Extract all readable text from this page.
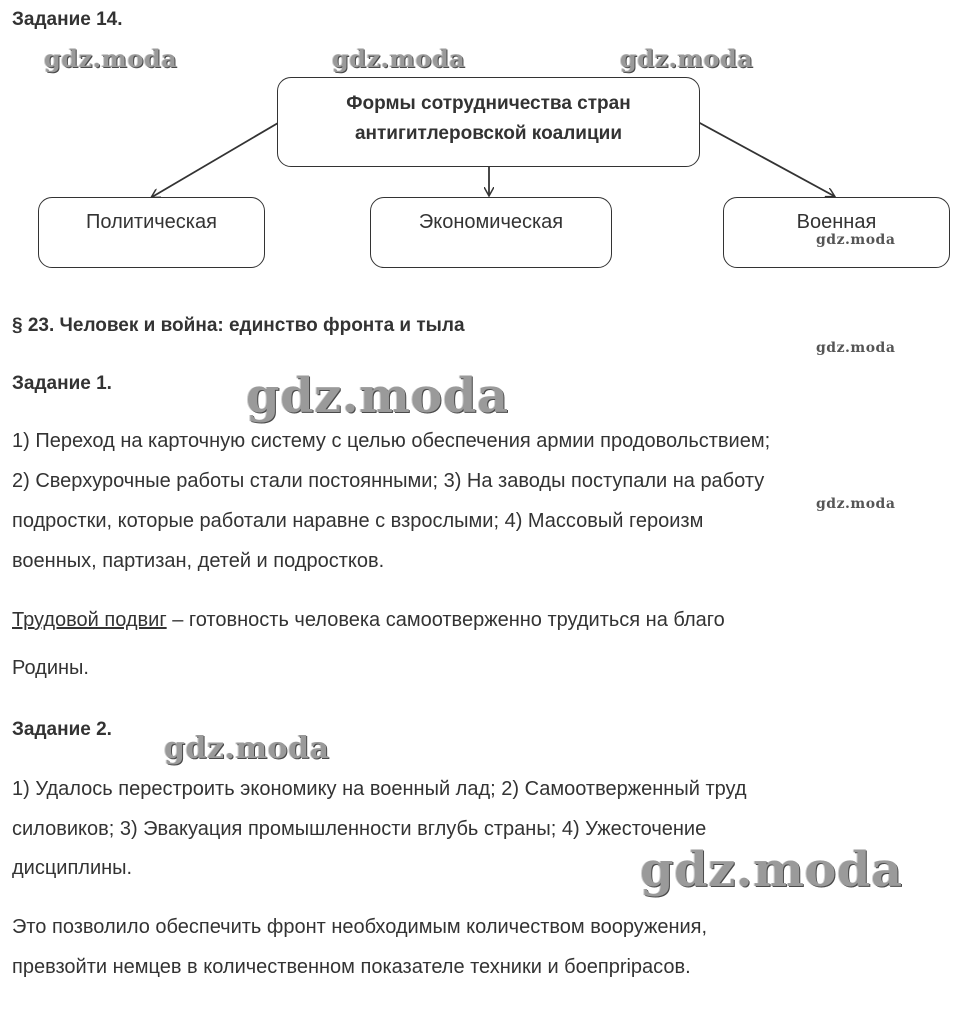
Задание 14.
Формы сотрудничества стран
антигитлеровской коалиции
Политическая	Экономическая	Военная
§ 23. Человек и война: единство фронта и тыла
Задание 1.
1) Переход на карточную систему с целью обеспечения армии продовольствием;
2) Сверхурочные работы стали постоянными; 3) На заводы поступали на работу
подростки, которые работали наравне с взрослыми; 4) Массовый героизм
военных, партизан, детей и подростков.
Трудовой подвиг – готовность человека самоотверженно трудиться на благо
Родины.
Задание 2.
1) Удалось перестроить экономику на военный лад; 2) Самоотверженный труд
силовиков; 3) Эвакуация промышленности вглубь страны; 4) Ужесточение
дисциплины.
Это позволило обеспечить фронт необходимым количеством вооружения,
превзойти немцев в количественном показателе техники и боепрripасов.
gdz.moda	gdz.moda	gdz.moda
gdz.moda
gdz.moda
gdz.moda
gdz.moda
gdz.moda
gdz.moda
